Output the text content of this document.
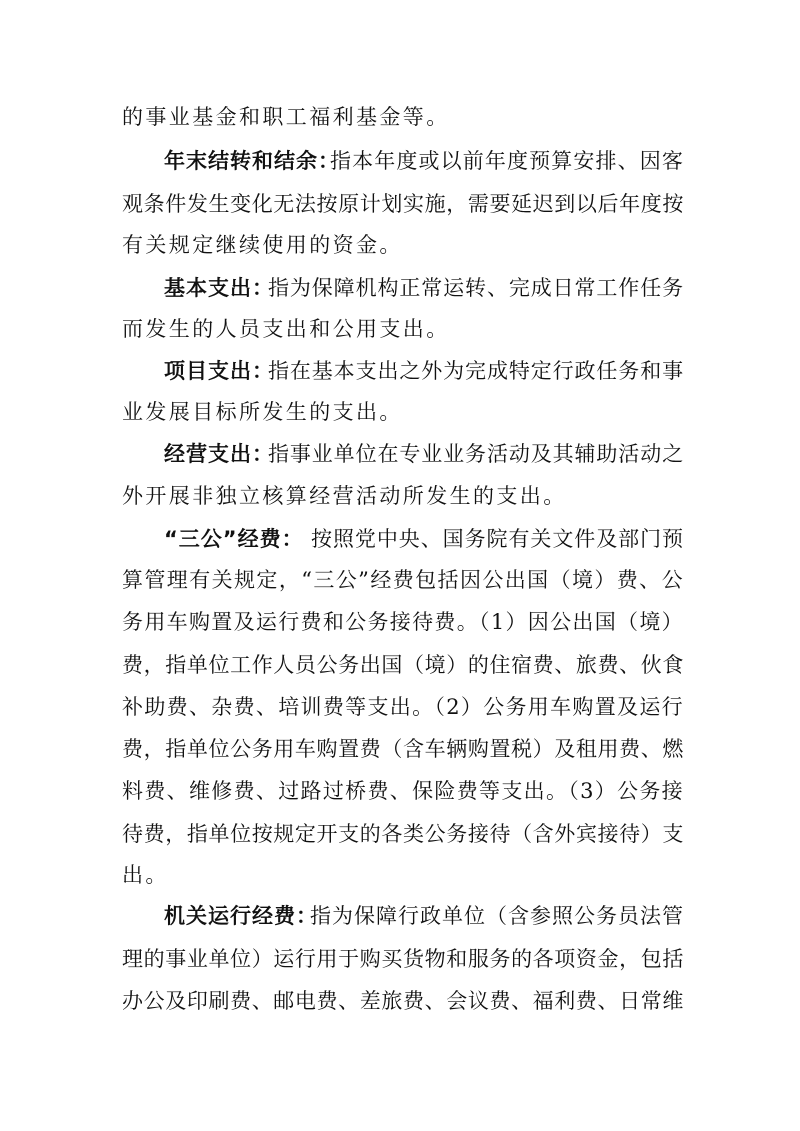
的事业基金和职工福利基金等。
年末结转和结余：
指本年度或以前年度预算安排、因客
观条件发生变化无法按原计划实施，需要延迟到以后年度按
有关规定继续使用的资金。
基本支出：
指为保障机构正常运转、完成日常工作任务
而发生的人员支出和公用支出。
项目支出：
指在基本支出之外为完成特定行政任务和事
业发展目标所发生的支出。
经营支出：
指事业单位在专业业务活动及其辅助活动之
外开展非独立核算经营活动所发生的支出。
“三公”经费： 按照党中央、国务院有关文件及部门预
算管理有关规定，“三公”经费包括因公出国（境）费、公
务用车购置及运行费和公务接待费。（1）因公出国（境）
费，指单位工作人员公务出国（境）的住宿费、旅费、伙食
补助费、杂费、培训费等支出。（2）公务用车购置及运行
费，指单位公务用车购置费（含车辆购置税）及租用费、燃
料费、维修费、过路过桥费、保险费等支出。（3）公务接
待费，指单位按规定开支的各类公务接待（含外宾接待）支
出。
机关运行经费：
指为保障行政单位（含参照公务员法管
理的事业单位）运行用于购买货物和服务的各项资金，包括
办公及印刷费、邮电费、差旅费、会议费、福利费、日常维
